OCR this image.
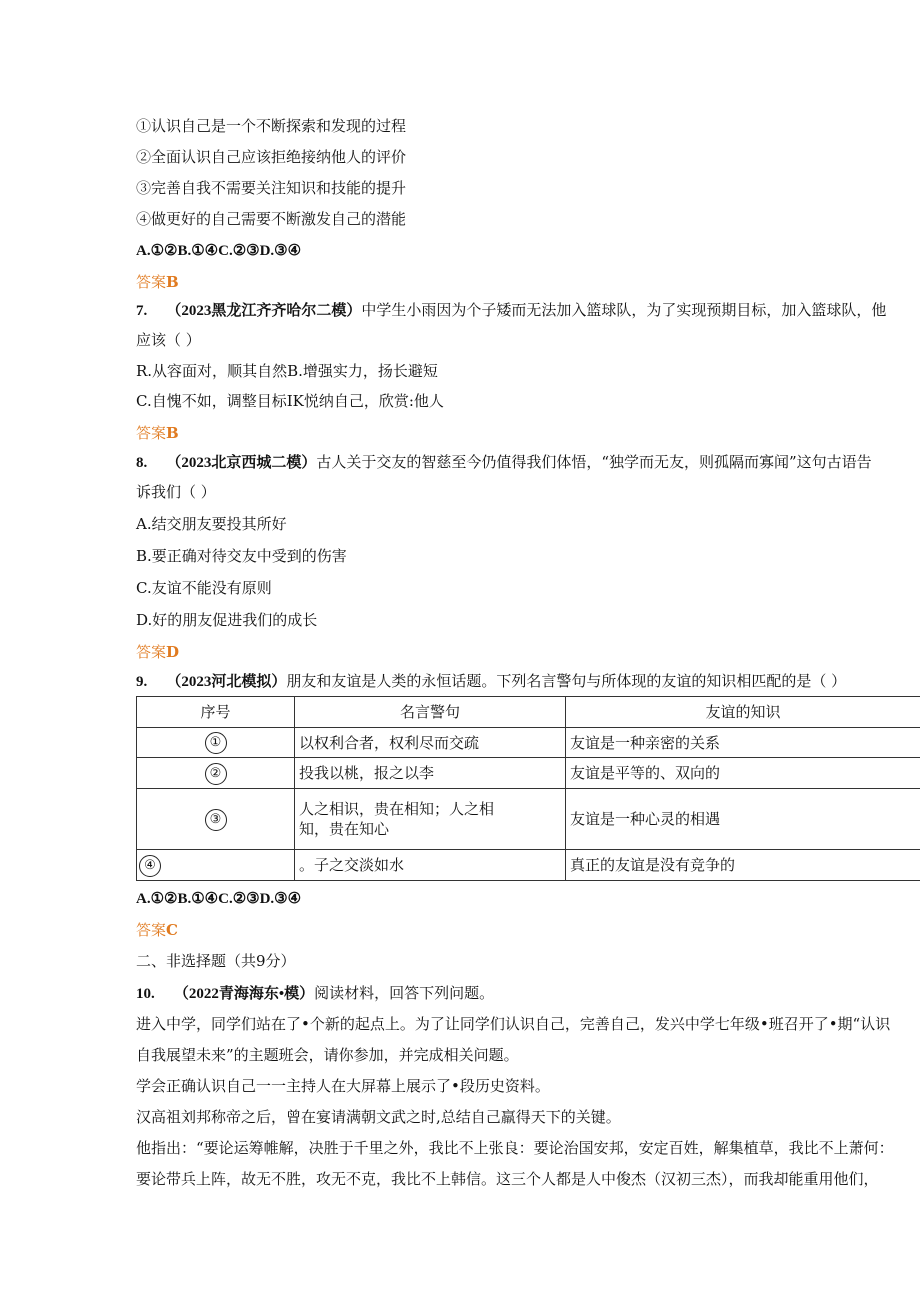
①认识自己是一个不断探索和发现的过程
②全面认识自己应该拒绝接纳他人的评价
③完善自我不需要关注知识和技能的提升
④做更好的自己需要不断激发自己的潜能
A.①②B.①④C.②③D.③④
答案B
7. （2023黑龙江齐齐哈尔二模）中学生小雨因为个子矮而无法加入篮球队，为了实现预期目标，加入篮球队，他
应该（ ）
R.从容面对，顺其自然B.增强实力，扬长避短
C.自愧不如，调整目标IK悦纳自己，欣赏:他人
答案B
8. （2023北京西城二模）古人关于交友的智慈至今仍值得我们体悟，“独学而无友，则孤隔而寡闻”这句古语告
诉我们（ ）
A.结交朋友要投其所好
B.要正确对待交友中受到的伤害
C.友谊不能没有原则
D.好的朋友促进我们的成长
答案D
9. （2023河北模拟）朋友和友谊是人类的永恒话题。下列名言警句与所体现的友谊的知识相匹配的是（ ）
序号	名言警句	友谊的知识
①	以权利合者，权利尽而交疏	友谊是一种亲密的关系
②	投我以桃，报之以李	友谊是平等的、双向的
③	人之相识，贵在相知；人之相知，贵在知心	友谊是一种心灵的相遇
④	。子之交淡如水	真正的友谊是没有竞争的
A.①②B.①④C.②③D.③④
答案C
二、非选择题（共9分）
10. （2022青海海东•模）阅读材料，回答下列问题。
进入中学，同学们站在了•个新的起点上。为了让同学们认识自己，完善自己，发兴中学七年级•班召开了•期“认识
自我展望未来”的主题班会，请你参加，并完成相关问题。
学会正确认识自己一一主持人在大屏幕上展示了•段历史资料。
汉高祖刘邦称帝之后，曾在宴请满朝文武之时,总结自己羸得天下的关键。
他指出：“要论运筹帷解，决胜于千里之外，我比不上张良：要论治国安邦，安定百姓，解集植草，我比不上萧何：
要论带兵上阵，故无不胜，攻无不克，我比不上韩信。这三个人都是人中俊杰（汉初三杰），而我却能重用他们，
